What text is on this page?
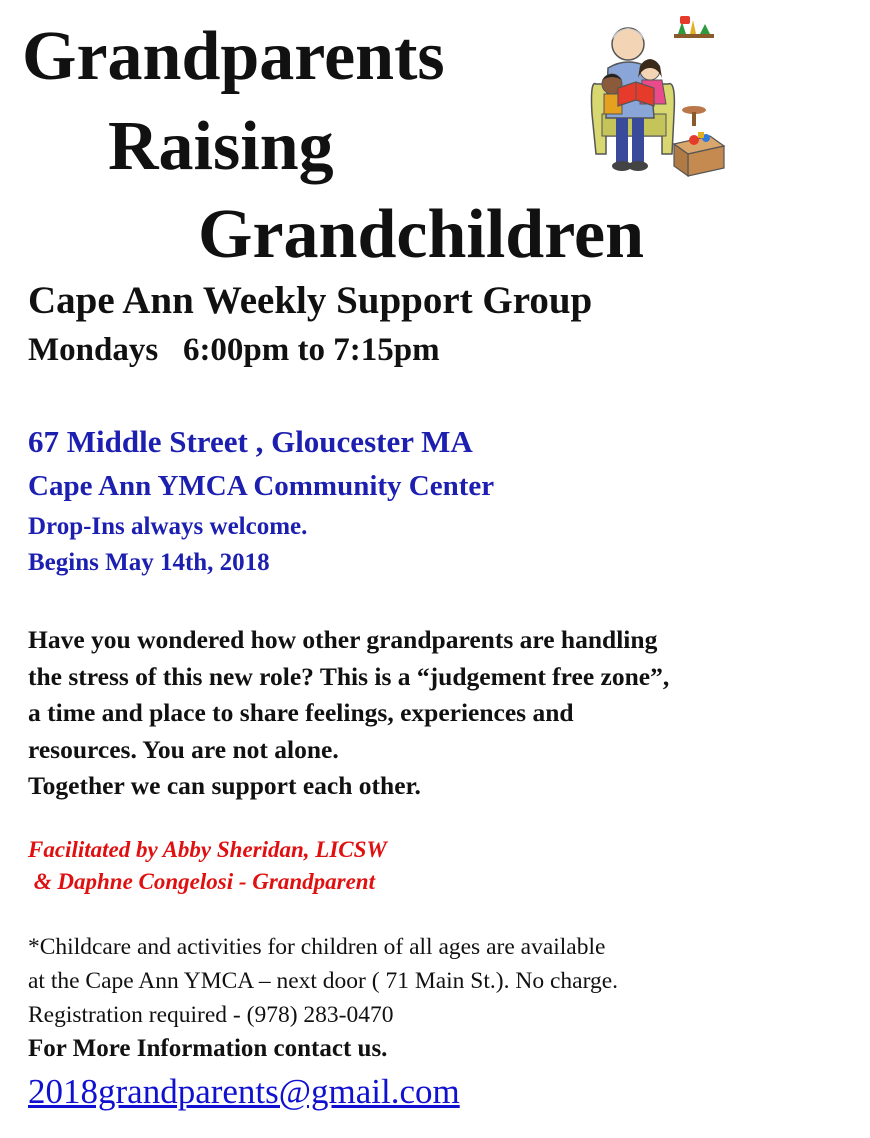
Grandparents
Raising
Grandchildren
Cape Ann Weekly Support Group
Mondays   6:00pm to 7:15pm
67 Middle Street , Gloucester MA
Cape Ann YMCA Community Center
Drop-Ins always welcome.
Begins May 14th, 2018

Have you wondered how other grandparents are handling
the stress of this new role? This is a “judgement free zone”,
a time and place to share feelings, experiences and
resources. You are not alone.
Together we can support each other.

Facilitated by Abby Sheridan, LICSW
& Daphne Congelosi - Grandparent

*Childcare and activities for children of all ages are available
at the Cape Ann YMCA – next door ( 71 Main St.). No charge.
Registration required - (978) 283-0470
For More Information contact us.

2018grandparents@gmail.com
